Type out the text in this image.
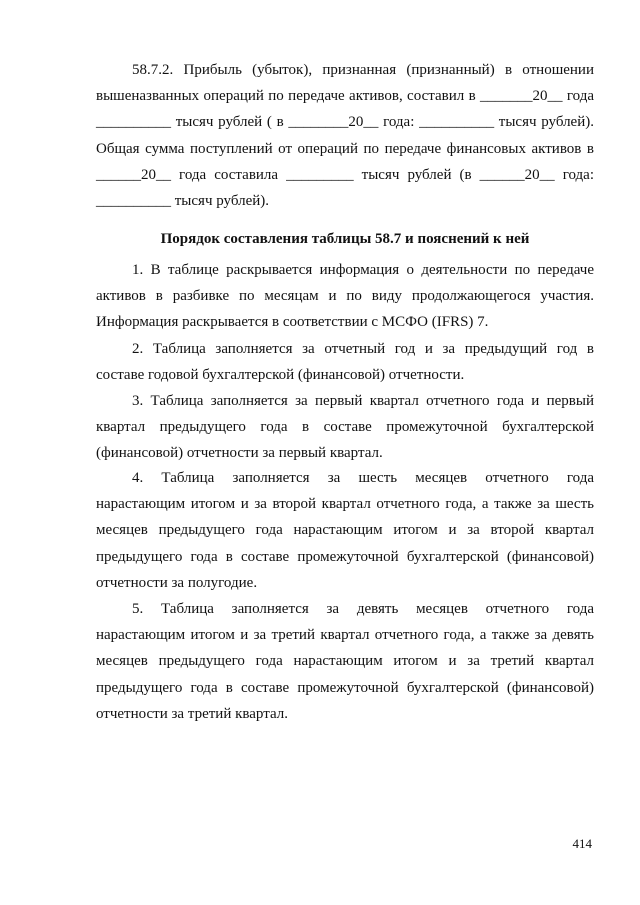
58.7.2. Прибыль (убыток), признанная (признанный) в отношении
вышеназванных операций по передаче активов, составил в _______20__ года
__________ тысяч рублей ( в ________20__ года: __________ тысяч рублей).
Общая сумма поступлений от операций по передаче финансовых активов в
______20__ года составила _________ тысяч рублей (в ______20__ года:
__________ тысяч рублей).
Порядок составления таблицы 58.7 и пояснений к ней
1. В таблице раскрывается информация о деятельности по передаче
активов в разбивке по месяцам и по виду продолжающегося участия.
Информация раскрывается в соответствии с МСФО (IFRS) 7.
2. Таблица заполняется за отчетный год и за предыдущий год в
составе годовой бухгалтерской (финансовой) отчетности.
3. Таблица заполняется за первый квартал отчетного года и первый
квартал предыдущего года в составе промежуточной бухгалтерской
(финансовой) отчетности за первый квартал.
4. Таблица заполняется за шесть месяцев отчетного года
нарастающим итогом и за второй квартал отчетного года, а также за шесть
месяцев предыдущего года нарастающим итогом и за второй квартал
предыдущего года в составе промежуточной бухгалтерской (финансовой)
отчетности за полугодие.
5. Таблица заполняется за девять месяцев отчетного года
нарастающим итогом и за третий квартал отчетного года, а также за девять
месяцев предыдущего года нарастающим итогом и за третий квартал
предыдущего года в составе промежуточной бухгалтерской (финансовой)
отчетности за третий квартал.
414
